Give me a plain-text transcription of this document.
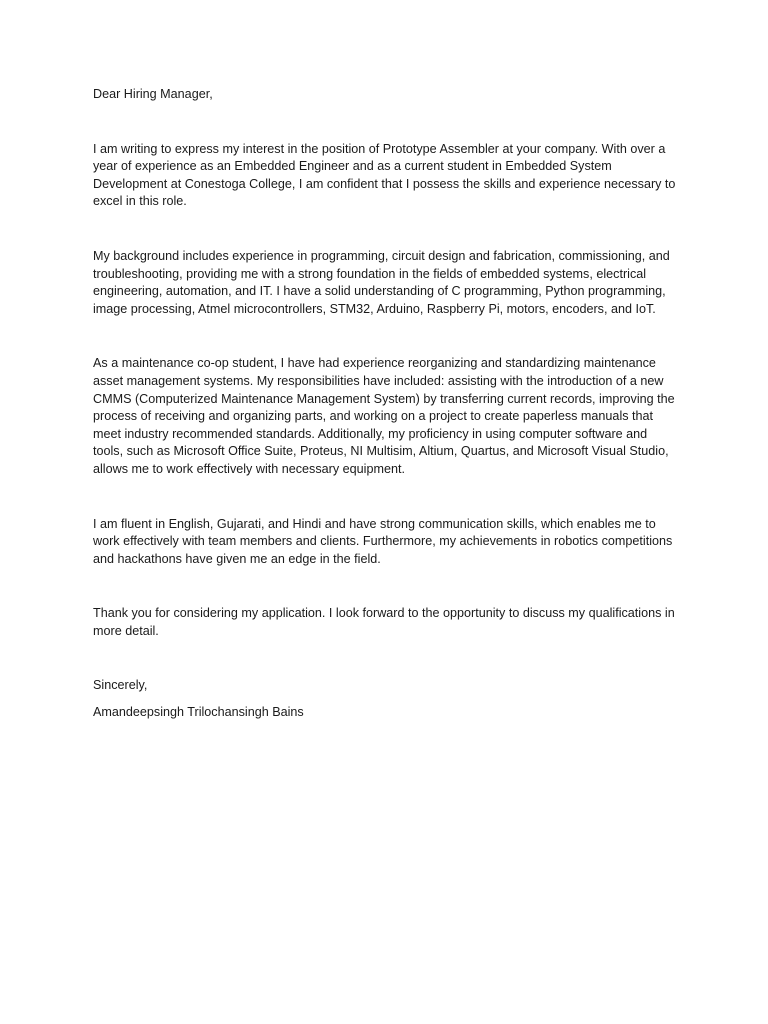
Dear Hiring Manager,

I am writing to express my interest in the position of Prototype Assembler at your company. With over a year of experience as an Embedded Engineer and as a current student in Embedded System Development at Conestoga College, I am confident that I possess the skills and experience necessary to excel in this role.

My background includes experience in programming, circuit design and fabrication, commissioning, and troubleshooting, providing me with a strong foundation in the fields of embedded systems, electrical engineering, automation, and IT. I have a solid understanding of C programming, Python programming, image processing, Atmel microcontrollers, STM32, Arduino, Raspberry Pi, motors, encoders, and IoT.

As a maintenance co-op student, I have had experience reorganizing and standardizing maintenance asset management systems. My responsibilities have included: assisting with the introduction of a new CMMS (Computerized Maintenance Management System) by transferring current records, improving the process of receiving and organizing parts, and working on a project to create paperless manuals that meet industry recommended standards. Additionally, my proficiency in using computer software and tools, such as Microsoft Office Suite, Proteus, NI Multisim, Altium, Quartus, and Microsoft Visual Studio, allows me to work effectively with necessary equipment.

I am fluent in English, Gujarati, and Hindi and have strong communication skills, which enables me to work effectively with team members and clients. Furthermore, my achievements in robotics competitions and hackathons have given me an edge in the field.

Thank you for considering my application. I look forward to the opportunity to discuss my qualifications in more detail.

Sincerely,

Amandeepsingh Trilochansingh Bains
